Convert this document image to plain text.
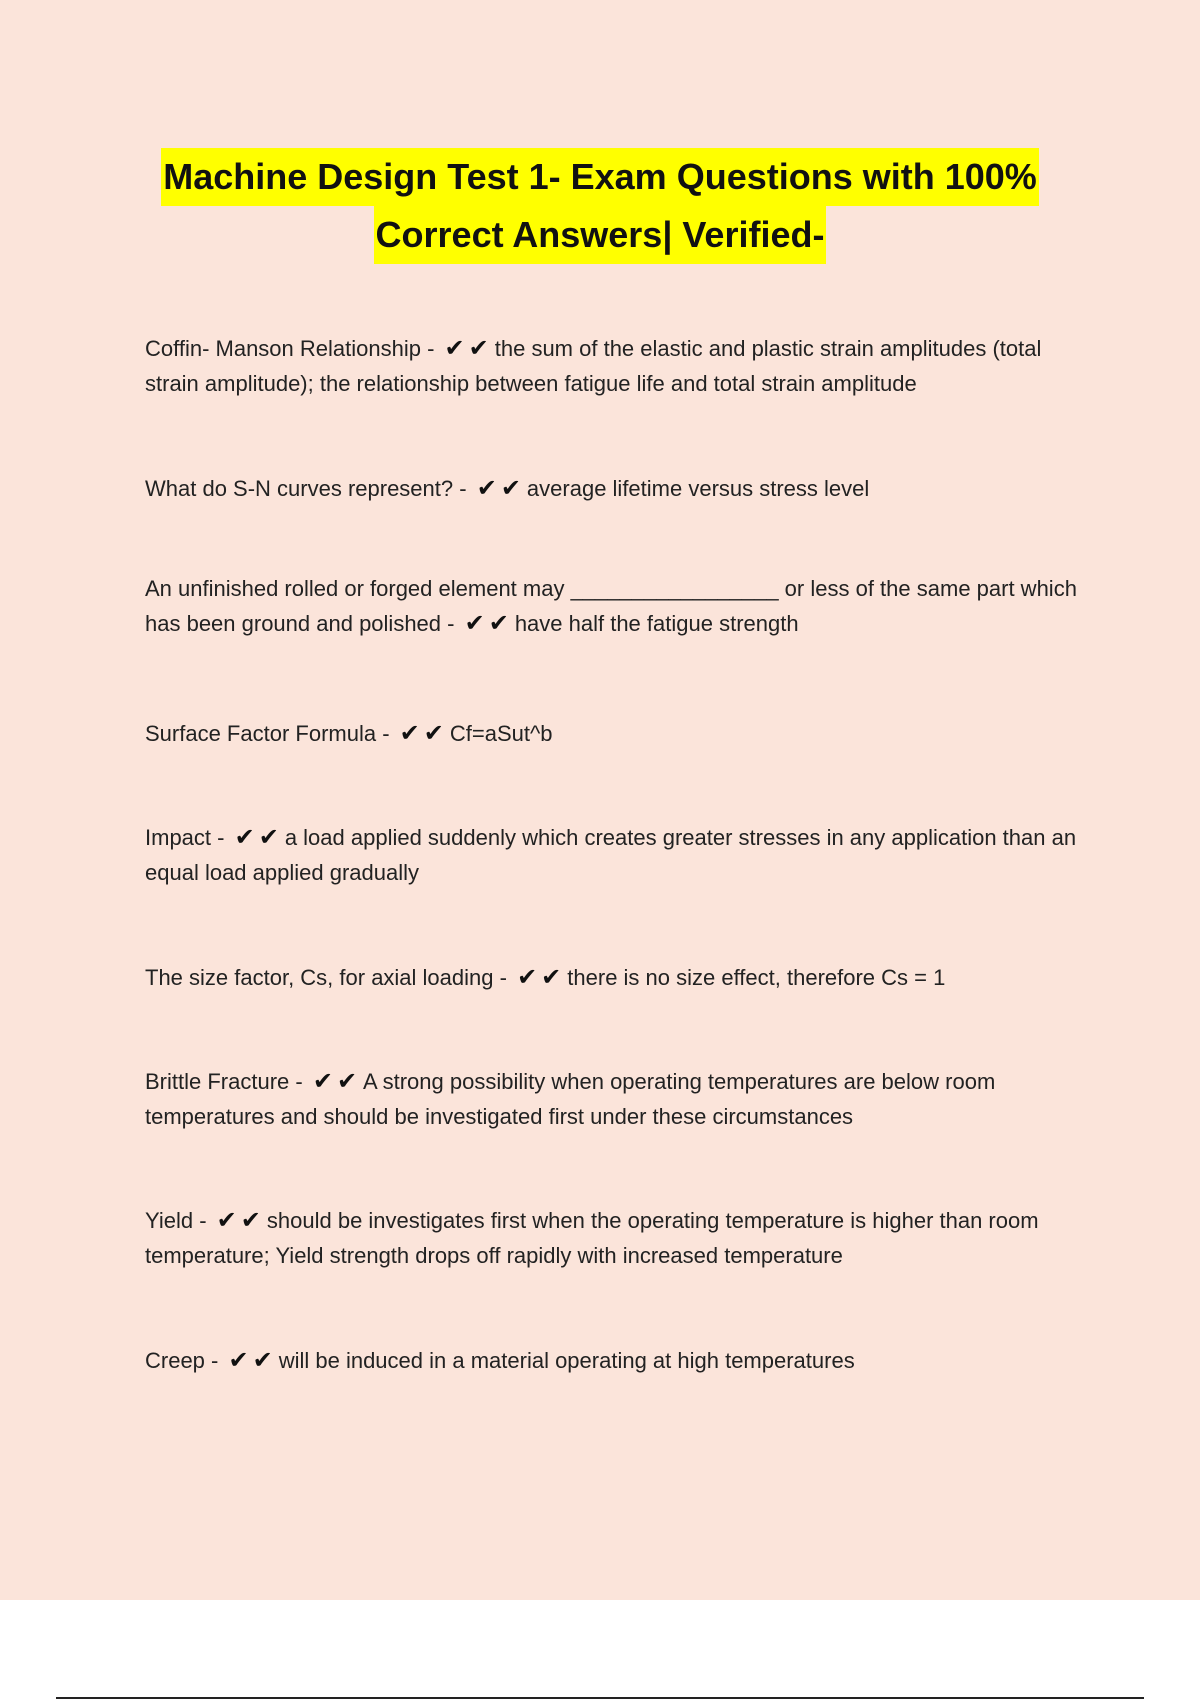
Machine Design Test 1- Exam Questions with 100%
Correct Answers| Verified-
Coffin- Manson Relationship - ✔✔the sum of the elastic and plastic strain amplitudes (total strain amplitude); the relationship between fatigue life and total strain amplitude
What do S-N curves represent? - ✔✔average lifetime versus stress level
An unfinished rolled or forged element may _________________ or less of the same part which has been ground and polished - ✔✔have half the fatigue strength
Surface Factor Formula - ✔✔Cf=aSut^b
Impact - ✔✔a load applied suddenly which creates greater stresses in any application than an equal load applied gradually
The size factor, Cs, for axial loading - ✔✔there is no size effect, therefore Cs = 1
Brittle Fracture - ✔✔A strong possibility when operating temperatures are below room temperatures and should be investigated first under these circumstances
Yield - ✔✔should be investigates first when the operating temperature is higher than room temperature; Yield strength drops off rapidly with increased temperature
Creep - ✔✔will be induced in a material operating at high temperatures
